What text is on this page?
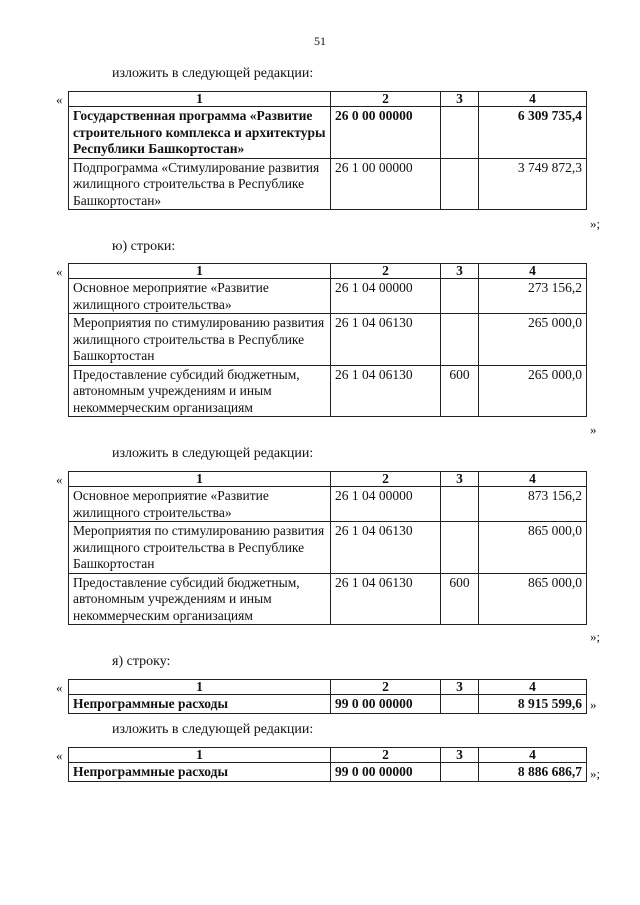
51
изложить в следующей редакции:
«	1	2	3	4
Государственная программа «Развитие строительного комплекса и архитектуры Республики Башкортостан»	26 0 00 00000		6 309 735,4
Подпрограмма «Стимулирование развития жилищного строительства в Республике Башкортостан»	26 1 00 00000		3 749 872,3
»;
ю) строки:
«	1	2	3	4
Основное мероприятие «Развитие жилищного строительства»	26 1 04 00000		273 156,2
Мероприятия по стимулированию развития жилищного строительства в Республике Башкортостан	26 1 04 06130		265 000,0
Предоставление субсидий бюджетным, автономным учреждениям и иным некоммерческим организациям	26 1 04 06130	600	265 000,0
»
изложить в следующей редакции:
«	1	2	3	4
Основное мероприятие «Развитие жилищного строительства»	26 1 04 00000		873 156,2
Мероприятия по стимулированию развития жилищного строительства в Республике Башкортостан	26 1 04 06130		865 000,0
Предоставление субсидий бюджетным, автономным учреждениям и иным некоммерческим организациям	26 1 04 06130	600	865 000,0
»;
я) строку:
«	1	2	3	4
Непрограммные расходы	99 0 00 00000		8 915 599,6 »
изложить в следующей редакции:
«	1	2	3	4
Непрограммные расходы	99 0 00 00000		8 886 686,7 »;
